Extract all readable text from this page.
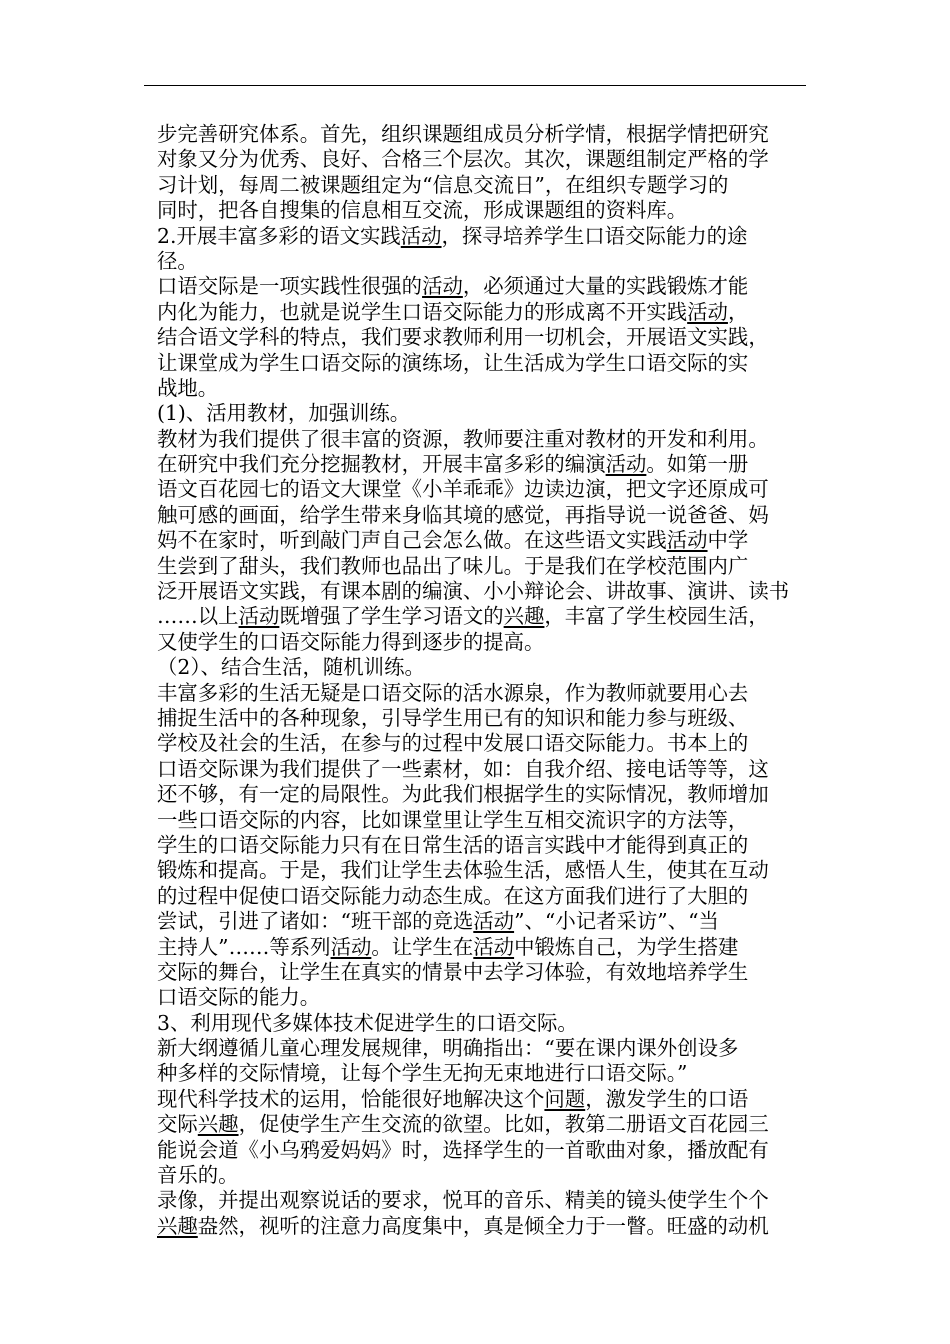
步完善研究体系。首先，组织课题组成员分析学情，根据学情把研究
对象又分为优秀、良好、合格三个层次。其次，课题组制定严格的学
习计划，每周二被课题组定为“信息交流日”，在组织专题学习的
同时，把各自搜集的信息相互交流，形成课题组的资料库。
2.开展丰富多彩的语文实践活动，探寻培养学生口语交际能力的途
径。
口语交际是一项实践性很强的活动，必须通过大量的实践锻炼才能
内化为能力，也就是说学生口语交际能力的形成离不开实践活动，
结合语文学科的特点，我们要求教师利用一切机会，开展语文实践，
让课堂成为学生口语交际的演练场，让生活成为学生口语交际的实
战地。
(1)、活用教材，加强训练。
教材为我们提供了很丰富的资源，教师要注重对教材的开发和利用。
在研究中我们充分挖掘教材，开展丰富多彩的编演活动。如第一册
语文百花园七的语文大课堂《小羊乖乖》边读边演，把文字还原成可
触可感的画面，给学生带来身临其境的感觉，再指导说一说爸爸、妈
妈不在家时，听到敲门声自己会怎么做。在这些语文实践活动中学
生尝到了甜头，我们教师也品出了味儿。于是我们在学校范围内广
泛开展语文实践，有课本剧的编演、小小辩论会、讲故事、演讲、读书
……以上活动既增强了学生学习语文的兴趣，丰富了学生校园生活，
又使学生的口语交际能力得到逐步的提高。
（2）、结合生活，随机训练。
丰富多彩的生活无疑是口语交际的活水源泉，作为教师就要用心去
捕捉生活中的各种现象，引导学生用已有的知识和能力参与班级、
学校及社会的生活，在参与的过程中发展口语交际能力。书本上的
口语交际课为我们提供了一些素材，如：自我介绍、接电话等等，这
还不够，有一定的局限性。为此我们根据学生的实际情况，教师增加
一些口语交际的内容，比如课堂里让学生互相交流识字的方法等，
学生的口语交际能力只有在日常生活的语言实践中才能得到真正的
锻炼和提高。于是，我们让学生去体验生活，感悟人生，使其在互动
的过程中促使口语交际能力动态生成。在这方面我们进行了大胆的
尝试，引进了诸如：“班干部的竞选活动”、“小记者采访”、“当
主持人”……等系列活动。让学生在活动中锻炼自己，为学生搭建
交际的舞台，让学生在真实的情景中去学习体验，有效地培养学生
口语交际的能力。
3、利用现代多媒体技术促进学生的口语交际。
新大纲遵循儿童心理发展规律，明确指出：“要在课内课外创设多
种多样的交际情境，让每个学生无拘无束地进行口语交际。”
现代科学技术的运用，恰能很好地解决这个问题，激发学生的口语
交际兴趣，促使学生产生交流的欲望。比如，教第二册语文百花园三
能说会道《小乌鸦爱妈妈》时，选择学生的一首歌曲对象，播放配有
音乐的。
录像，并提出观察说话的要求，悦耳的音乐、精美的镜头使学生个个
兴趣盎然，视听的注意力高度集中，真是倾全力于一瞥。旺盛的动机
